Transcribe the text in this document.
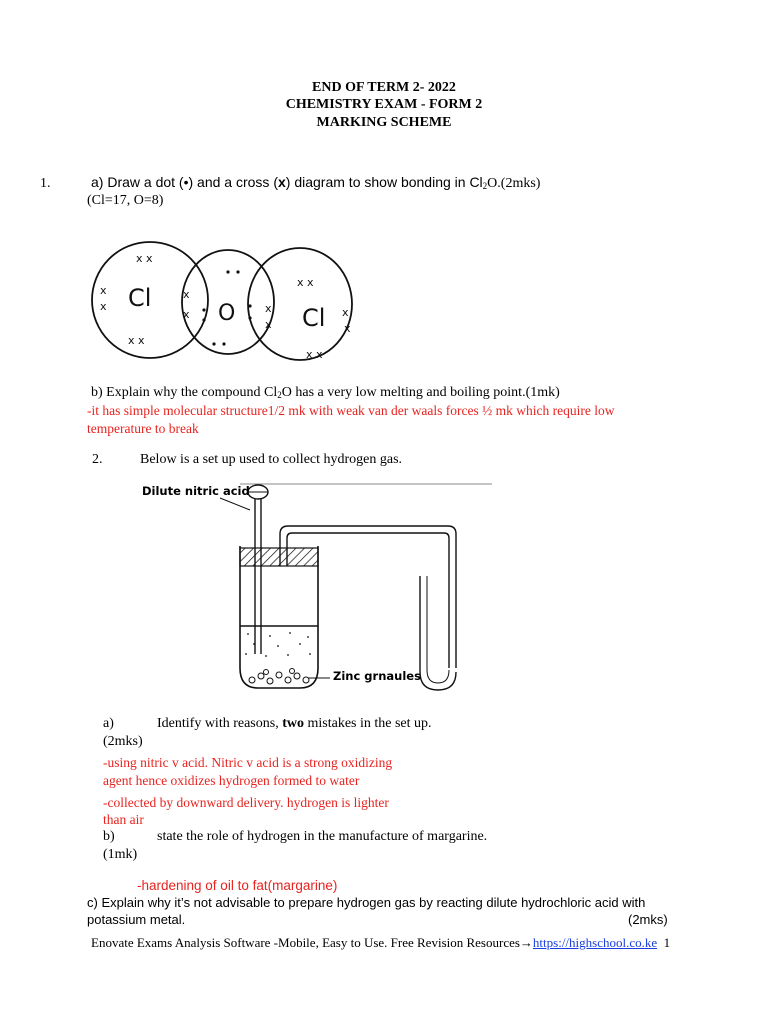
END OF TERM 2- 2022
CHEMISTRY EXAM - FORM 2
MARKING SCHEME
1.	a) Draw a dot (•) and a cross (x) diagram to show bonding in $Cl_2O.(2mks)$
(Cl=17, O=8)
Cl
O	Cl
x x
x
x
x x
x
x
x x
x
x
x x
x
x
b) Explain why the compound $Cl_2O$ has a very low melting and boiling point.(1mk)
-it has simple molecular structure1/2 mk with weak van der waals forces ½ mk which require low
temperature to break
2.	Below is a set up used to collect hydrogen gas.
Dilute nitric acid
Zinc grnaules
a)	Identify with reasons, two mistakes in the set up.
(2mks)
-using nitric v acid. Nitric v acid is a strong oxidizing
agent hence oxidizes hydrogen formed to water
-collected by downward delivery. hydrogen is lighter
than air
b)	state the role of hydrogen in the manufacture of margarine.
(1mk)
-hardening of oil to fat(margarine)
c) Explain why it’s not advisable to prepare hydrogen gas by reacting dilute hydrochloric acid with
potassium metal.	(2mks)
Enovate Exams Analysis Software -Mobile, Easy to Use. Free Revision Resources→https://highschool.co.ke 1
